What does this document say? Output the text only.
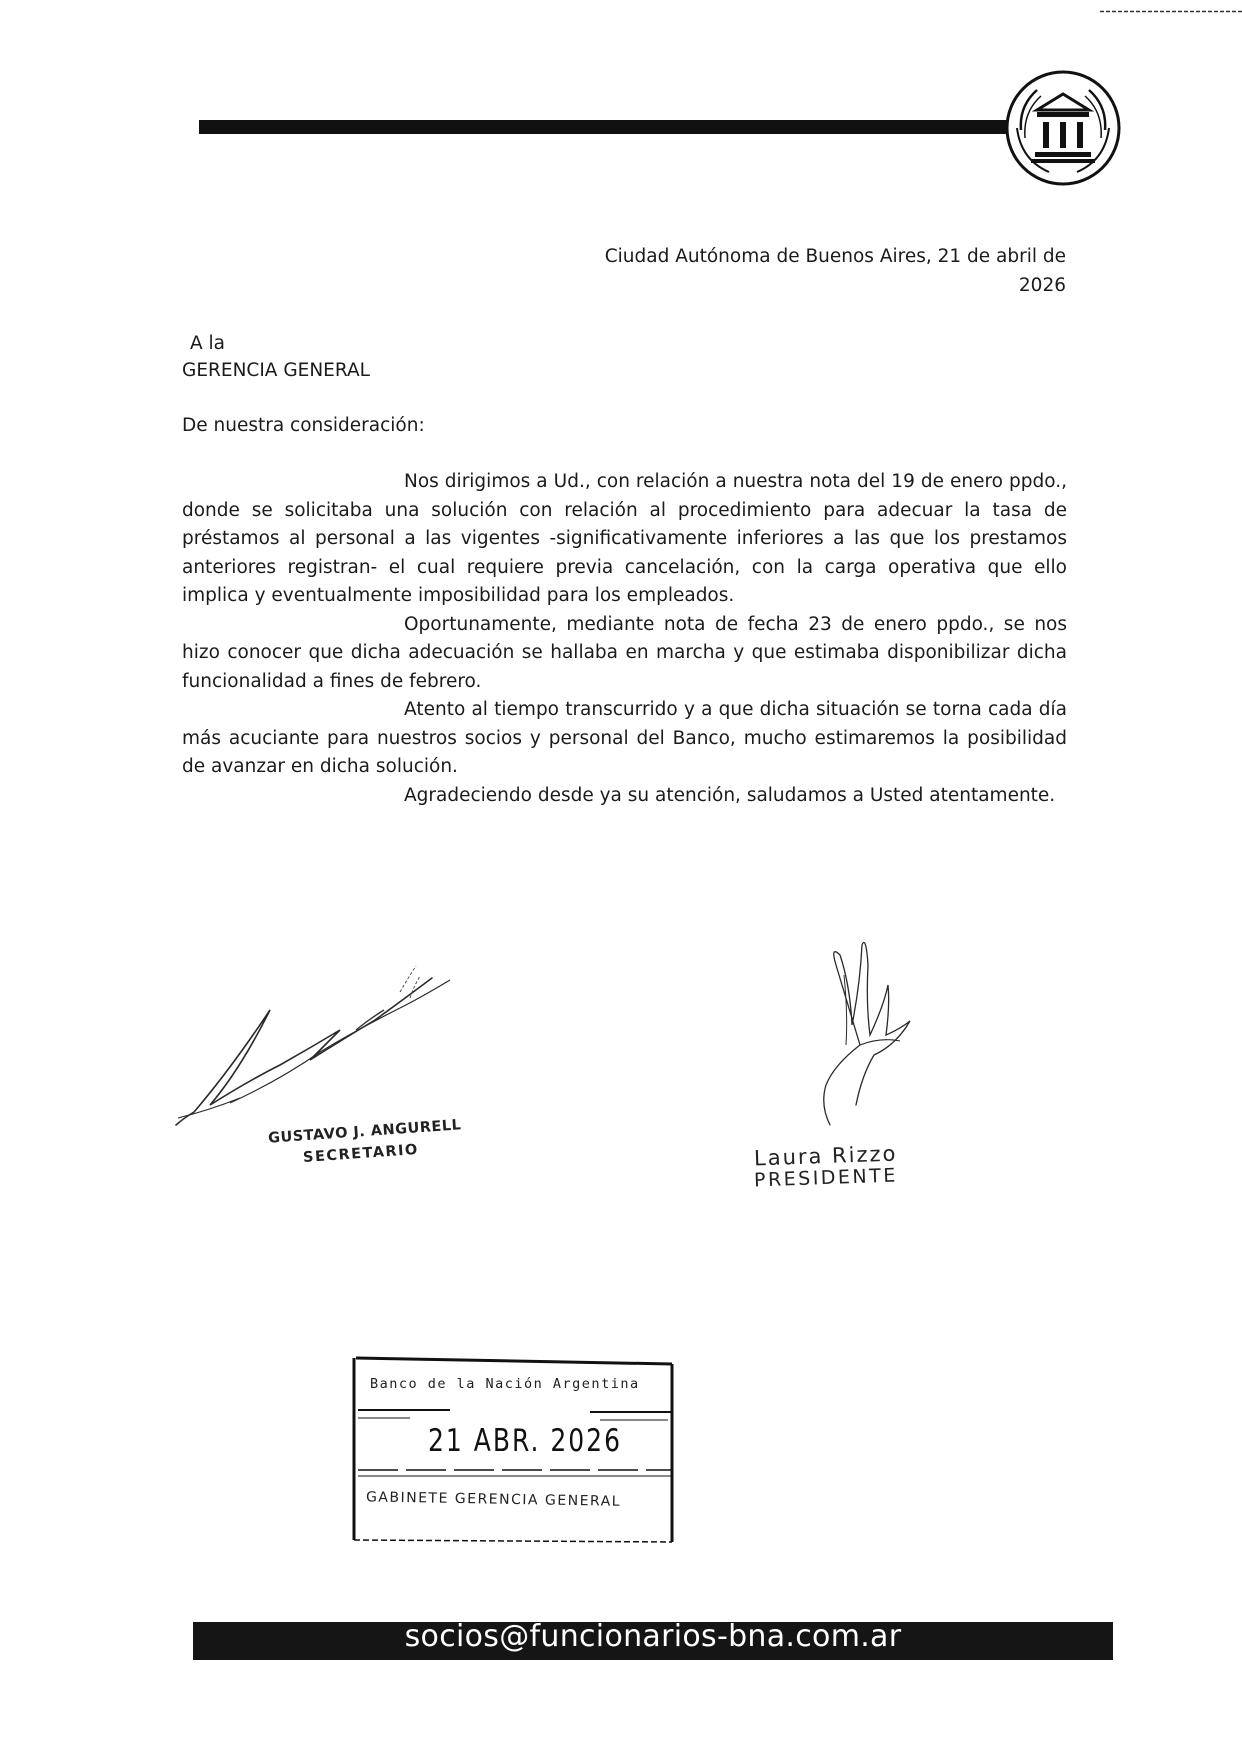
Ciudad Autónoma de Buenos Aires, 21 de abril de 2026
A la
GERENCIA GENERAL
De nuestra consideración:

Nos dirigimos a Ud., con relación a nuestra nota del 19 de enero ppdo., donde se solicitaba una solución con relación al procedimiento para adecuar la tasa de préstamos al personal a las vigentes -significativamente inferiores a las que los prestamos anteriores registran- el cual requiere previa cancelación, con la carga operativa que ello implica y eventualmente imposibilidad para los empleados.

Oportunamente, mediante nota de fecha 23 de enero ppdo., se nos hizo conocer que dicha adecuación se hallaba en marcha y que estimaba disponibilizar dicha funcionalidad a fines de febrero.

Atento al tiempo transcurrido y a que dicha situación se torna cada día más acuciante para nuestros socios y personal del Banco, mucho estimaremos la posibilidad de avanzar en dicha solución.

Agradeciendo desde ya su atención, saludamos a Usted atentamente.

GUSTAVO J. ANGURELL
SECRETARIO	Laura Rizzo
PRESIDENTE
Banco de la Nación Argentina
21 ABR. 2026
GABINETE GERENCIA GENERAL
socios@funcionarios-bna.com.ar
